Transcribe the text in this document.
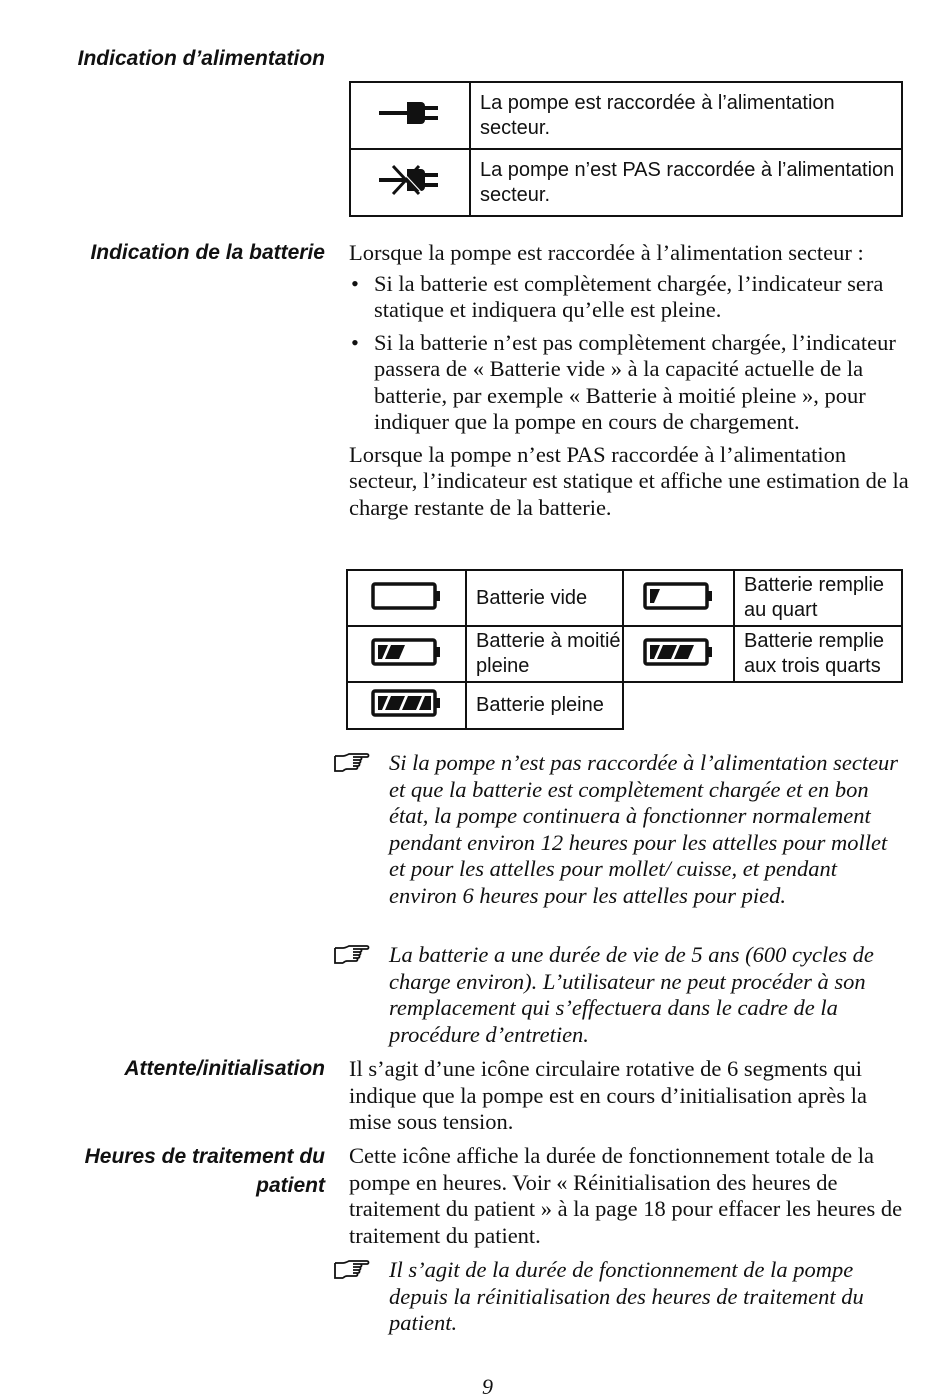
Indication d’alimentation

La pompe est raccordée à l’alimentation secteur.

La pompe n’est PAS raccordée à l’alimentation secteur.
Indication de la batterie Lorsque la pompe est raccordée à l’alimentation secteur :

• Si la batterie est complètement chargée, l’indicateur sera statique et indiquera qu’elle est pleine.
• Si la batterie n’est pas complètement chargée, l’indicateur passera de « Batterie vide » à la capacité actuelle de la batterie, par exemple « Batterie à moitié pleine », pour indiquer que la pompe en cours de chargement.

Lorsque la pompe n’est PAS raccordée à l’alimentation secteur, l’indicateur est statique et affiche une estimation de la charge restante de la batterie.

Batterie vide		Batterie remplie au quart

Batterie à moitié pleine		Batterie remplie aux trois quarts

Batterie pleine		

Si la pompe n’est pas raccordée à l’alimentation secteur et que la batterie est complètement chargée et en bon état, la pompe continuera à fonctionner normalement pendant environ 12 heures pour les attelles pour mollet et pour les attelles pour mollet/ cuisse, et pendant environ 6 heures pour les attelles pour pied.
La batterie a une durée de vie de 5 ans (600 cycles de charge environ). L’utilisateur ne peut procéder à son remplacement qui s’effectuera dans le cadre de la procédure d’entretien.
Attente/initialisation Il s’agit d’une icône circulaire rotative de 6 segments qui indique que la pompe est en cours d’initialisation après la mise sous tension.

Heures de traitement du patient

Cette icône affiche la durée de fonctionnement totale de la pompe en heures. Voir « Réinitialisation des heures de traitement du patient » à la page 18 pour effacer les heures de traitement du patient.

Il s’agit de la durée de fonctionnement de la pompe depuis la réinitialisation des heures de traitement du patient.
9
